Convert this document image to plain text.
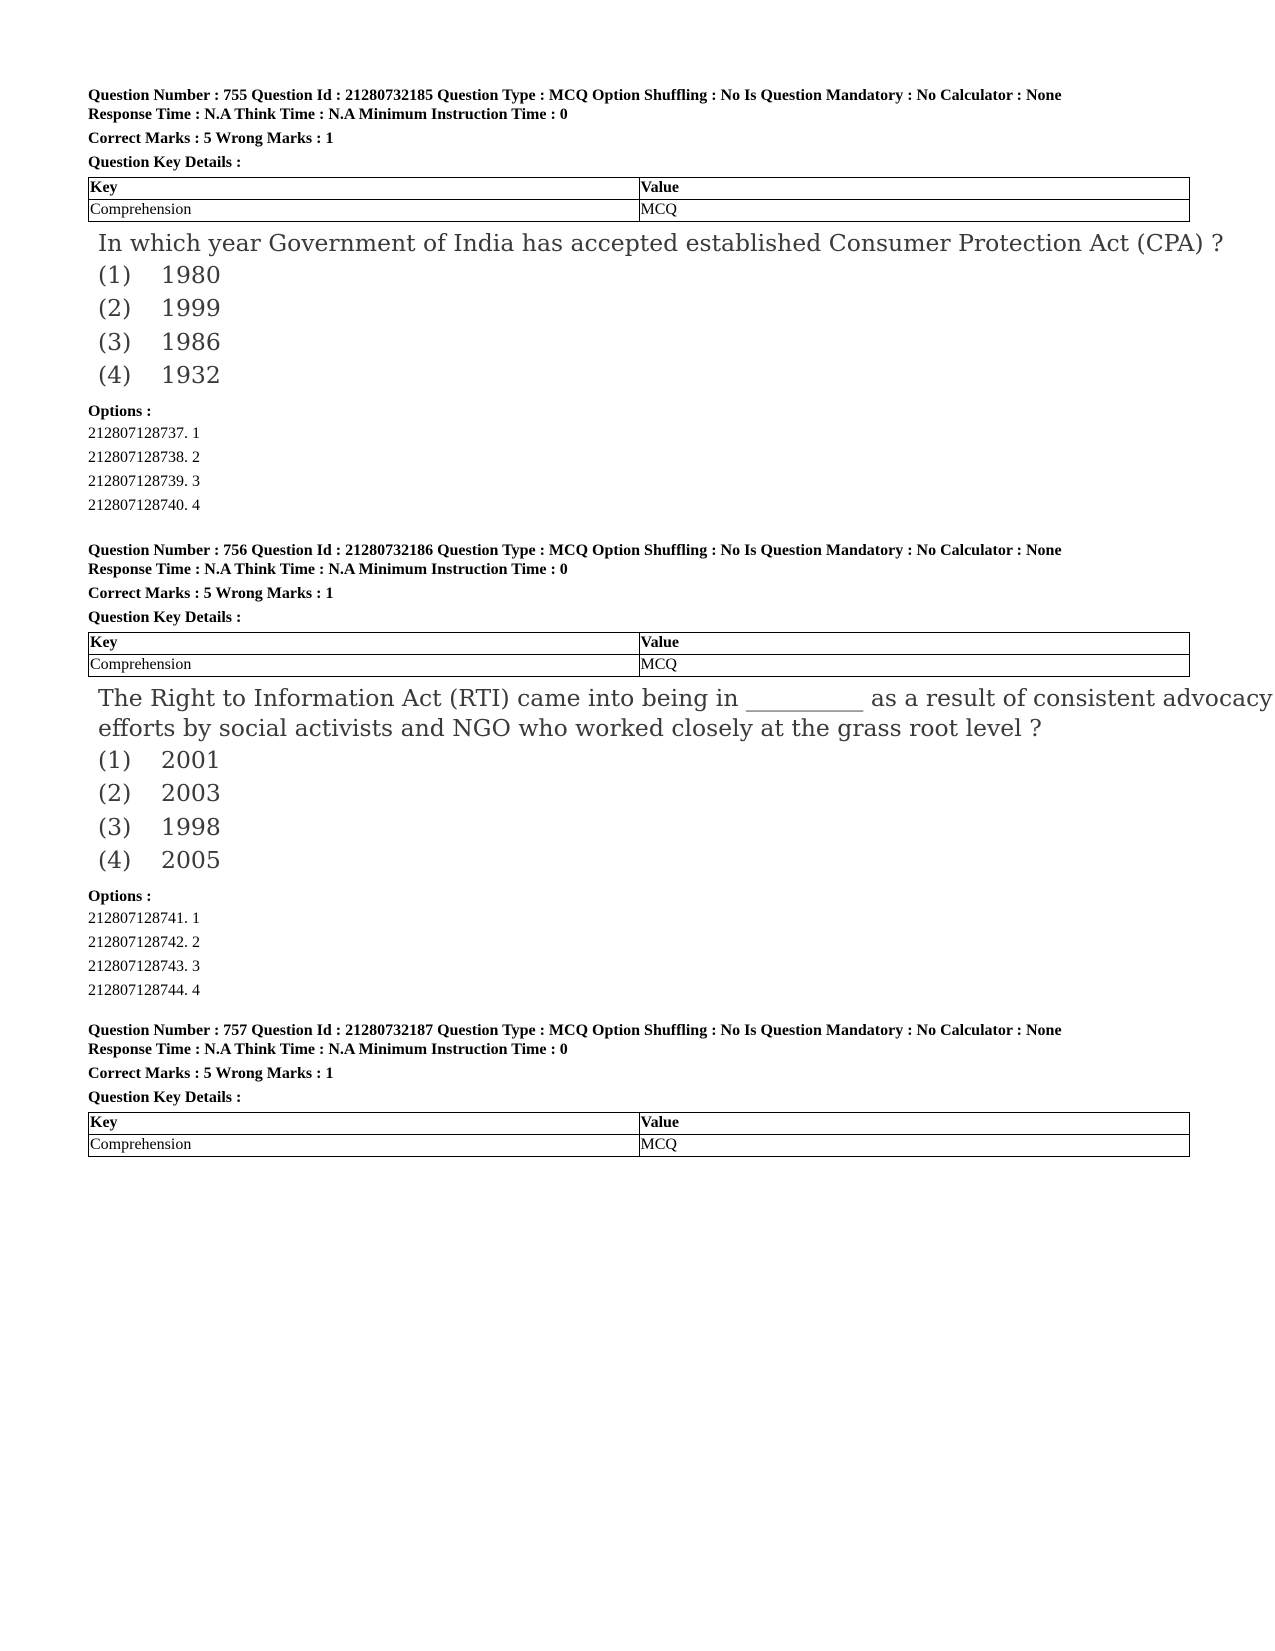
Question Number : 755 Question Id : 21280732185 Question Type : MCQ Option Shuffling : No Is Question Mandatory : No Calculator : None
Response Time : N.A Think Time : N.A Minimum Instruction Time : 0
Correct Marks : 5 Wrong Marks : 1
Question Key Details :
Key	Value
Comprehension	MCQ
In which year Government of India has accepted established Consumer Protection Act (CPA) ?
(1)	1980
(2)	1999
(3)	1986
(4)	1932
Options :
212807128737. 1
212807128738. 2
212807128739. 3
212807128740. 4
Question Number : 756 Question Id : 21280732186 Question Type : MCQ Option Shuffling : No Is Question Mandatory : No Calculator : None
Response Time : N.A Think Time : N.A Minimum Instruction Time : 0
Correct Marks : 5 Wrong Marks : 1
Question Key Details :
Key	Value
Comprehension	MCQ
The Right to Information Act (RTI) came into being in __________ as a result of consistent advocacy
efforts by social activists and NGO who worked closely at the grass root level ?
(1)	2001
(2)	2003
(3)	1998
(4)	2005
Options :
212807128741. 1
212807128742. 2
212807128743. 3
212807128744. 4
Question Number : 757 Question Id : 21280732187 Question Type : MCQ Option Shuffling : No Is Question Mandatory : No Calculator : None
Response Time : N.A Think Time : N.A Minimum Instruction Time : 0
Correct Marks : 5 Wrong Marks : 1
Question Key Details :
Key	Value
Comprehension	MCQ
